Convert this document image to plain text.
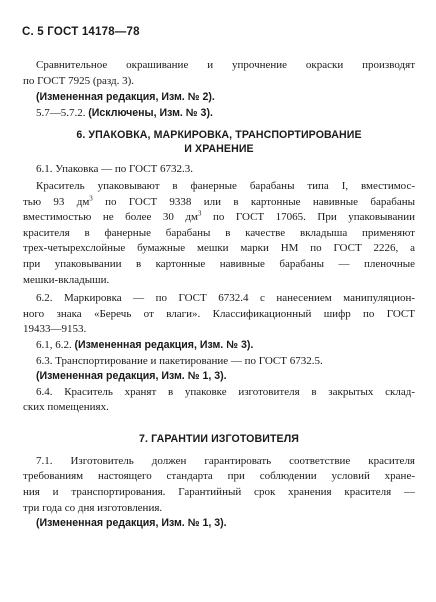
С. 5 ГОСТ 14178—78
Сравнительное окрашивание и упрочнение окраски производят
по ГОСТ 7925 (разд. 3).
(Измененная редакция, Изм. № 2).
5.7—5.7.2. (Исключены, Изм. № 3).
6. УПАКОВКА, МАРКИРОВКА, ТРАНСПОРТИРОВАНИЕ
И ХРАНЕНИЕ
6.1. Упаковка — по ГОСТ 6732.3.
Краситель упаковывают в фанерные барабаны типа I, вместимос-
тью 93 $дм^3$ по ГОСТ 9338 или в картонные навивные барабаны
вместимостью не более 30 $дм^3$ по ГОСТ 17065. При упаковывании
красителя в фанерные барабаны в качестве вкладыша применяют
трех-четырехслойные бумажные мешки марки НМ по ГОСТ 2226, а
при упаковывании в картонные навивные барабаны — пленочные
мешки-вкладыши.
6.2. Маркировка — по ГОСТ 6732.4 с нанесением манипуляцион-
ного знака «Беречь от влаги». Классификационный шифр по ГОСТ
19433—9153.
6.1, 6.2. (Измененная редакция, Изм. № 3).
6.3. Транспортирование и пакетирование — по ГОСТ 6732.5.
(Измененная редакция, Изм. № 1, 3).
6.4. Краситель хранят в упаковке изготовителя в закрытых склад-
ских помещениях.
7. ГАРАНТИИ ИЗГОТОВИТЕЛЯ
7.1. Изготовитель должен гарантировать соответствие красителя
требованиям настоящего стандарта при соблюдении условий хране-
ния и транспортирования. Гарантийный срок хранения красителя —
три года со дня изготовления.
(Измененная редакция, Изм. № 1, 3).
